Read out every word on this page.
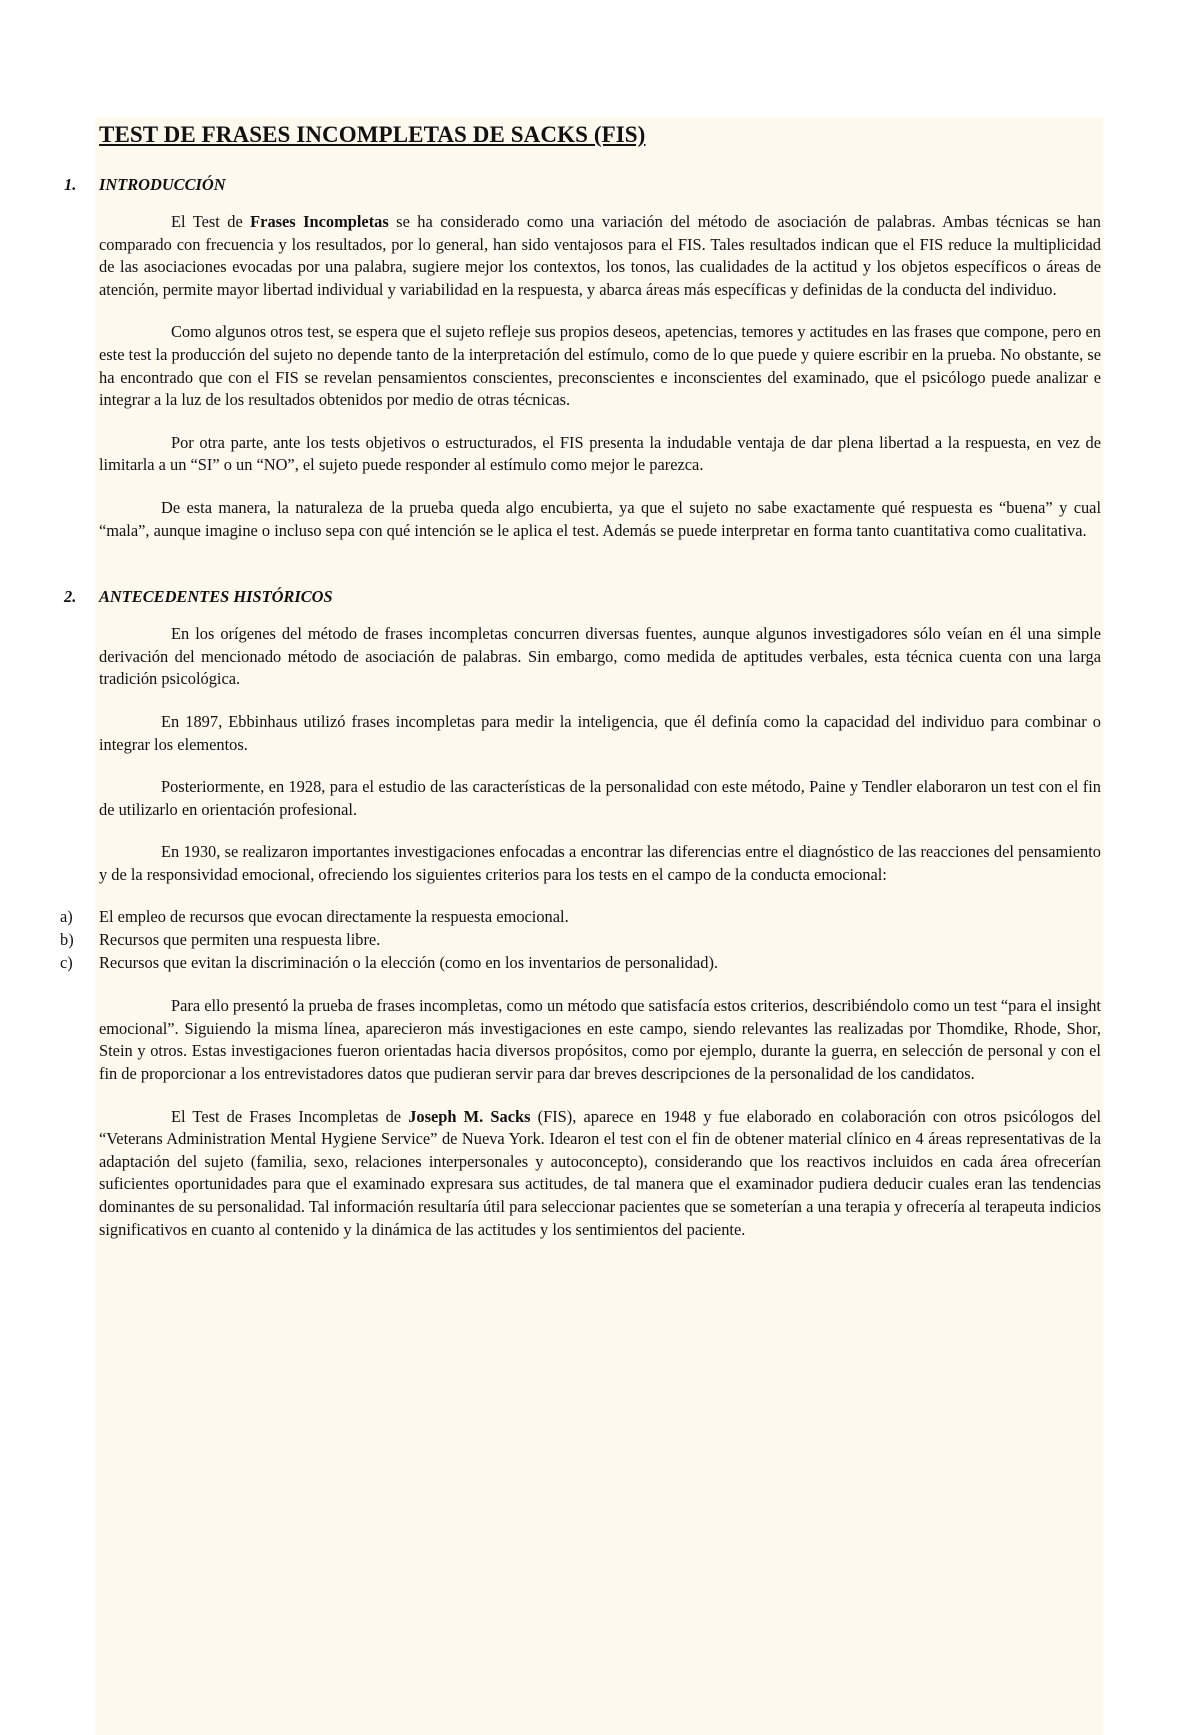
TEST DE FRASES INCOMPLETAS DE SACKS (FIS)
1.	INTRODUCCIÓN

El Test de Frases Incompletas se ha considerado como una variación del método de asociación de palabras. Ambas técnicas se han comparado con frecuencia y los resultados, por lo general, han sido ventajosos para el FIS. Tales resultados indican que el FIS reduce la multiplicidad de las asociaciones evocadas por una palabra, sugiere mejor los contextos, los tonos, las cualidades de la actitud y los objetos específicos o áreas de atención, permite mayor libertad individual y variabilidad en la respuesta, y abarca áreas más específicas y definidas de la conducta del individuo.

Como algunos otros test, se espera que el sujeto refleje sus propios deseos, apetencias, temores y actitudes en las frases que compone, pero en este test la producción del sujeto no depende tanto de la interpretación del estímulo, como de lo que puede y quiere escribir en la prueba. No obstante, se ha encontrado que con el FIS se revelan pensamientos conscientes, preconscientes e inconscientes del examinado, que el psicólogo puede analizar e integrar a la luz de los resultados obtenidos por medio de otras técnicas.

Por otra parte, ante los tests objetivos o estructurados, el FIS presenta la indudable ventaja de dar plena libertad a la respuesta, en vez de limitarla a un “SI” o un “NO”, el sujeto puede responder al estímulo como mejor le parezca.

De esta manera, la naturaleza de la prueba queda algo encubierta, ya que el sujeto no sabe exactamente qué respuesta es “buena” y cual “mala”, aunque imagine o incluso sepa con qué intención se le aplica el test. Además se puede interpretar en forma tanto cuantitativa como cualitativa.

2.	ANTECEDENTES HISTÓRICOS

En los orígenes del método de frases incompletas concurren diversas fuentes, aunque algunos investigadores sólo veían en él una simple derivación del mencionado método de asociación de palabras. Sin embargo, como medida de aptitudes verbales, esta técnica cuenta con una larga tradición psicológica.

En 1897, Ebbinhaus utilizó frases incompletas para medir la inteligencia, que él definía como la capacidad del individuo para combinar o integrar los elementos.

Posteriormente, en 1928, para el estudio de las características de la personalidad con este método, Paine y Tendler elaboraron un test con el fin de utilizarlo en orientación profesional.

En 1930, se realizaron importantes investigaciones enfocadas a encontrar las diferencias entre el diagnóstico de las reacciones del pensamiento y de la responsividad emocional, ofreciendo los siguientes criterios para los tests en el campo de la conducta emocional:

a) El empleo de recursos que evocan directamente la respuesta emocional.
b) Recursos que permiten una respuesta libre.
c) Recursos que evitan la discriminación o la elección (como en los inventarios de personalidad).

Para ello presentó la prueba de frases incompletas, como un método que satisfacía estos criterios, describiéndolo como un test “para el insight emocional”. Siguiendo la misma línea, aparecieron más investigaciones en este campo, siendo relevantes las realizadas por Thomdike, Rhode, Shor, Stein y otros. Estas investigaciones fueron orientadas hacia diversos propósitos, como por ejemplo, durante la guerra, en selección de personal y con el fin de proporcionar a los entrevistadores datos que pudieran servir para dar breves descripciones de la personalidad de los candidatos.

El Test de Frases Incompletas de Joseph M. Sacks (FIS), aparece en 1948 y fue elaborado en colaboración con otros psicólogos del “Veterans Administration Mental Hygiene Service” de Nueva York. Idearon el test con el fin de obtener material clínico en 4 áreas representativas de la adaptación del sujeto (familia, sexo, relaciones interpersonales y autoconcepto), considerando que los reactivos incluidos en cada área ofrecerían suficientes oportunidades para que el examinado expresara sus actitudes, de tal manera que el examinador pudiera deducir cuales eran las tendencias dominantes de su personalidad. Tal información resultaría útil para seleccionar pacientes que se someterían a una terapia y ofrecería al terapeuta indicios significativos en cuanto al contenido y la dinámica de las actitudes y los sentimientos del paciente.
